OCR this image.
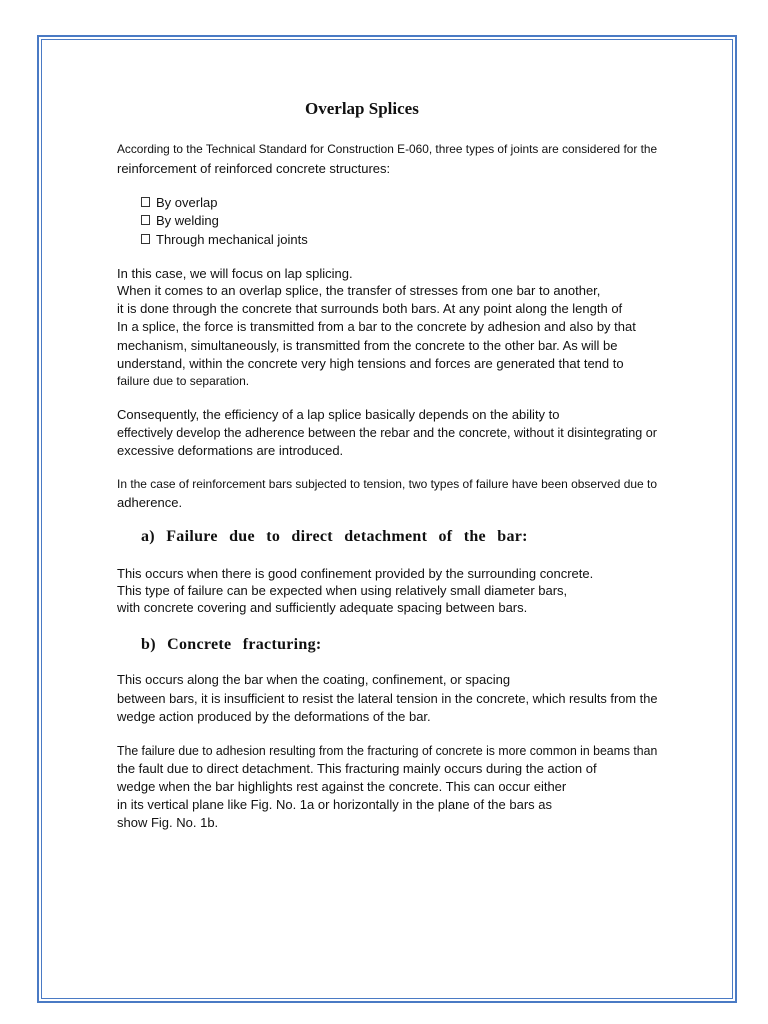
Overlap Splices

According to the Technical Standard for Construction E-060, three types of joints are considered for the

reinforcement of reinforced concrete structures:

By overlap

By welding

Through mechanical joints

In this case, we will focus on lap splicing.

When it comes to an overlap splice, the transfer of stresses from one bar to another,

it is done through the concrete that surrounds both bars. At any point along the length of

In a splice, the force is transmitted from a bar to the concrete by adhesion and also by that

mechanism, simultaneously, is transmitted from the concrete to the other bar. As will be

understand, within the concrete very high tensions and forces are generated that tend to

failure due to separation.

Consequently, the efficiency of a lap splice basically depends on the ability to

effectively develop the adherence between the rebar and the concrete, without it disintegrating or

excessive deformations are introduced.

In the case of reinforcement bars subjected to tension, two types of failure have been observed due to

adherence.

a) Failure due to direct detachment of the bar:

This occurs when there is good confinement provided by the surrounding concrete.

This type of failure can be expected when using relatively small diameter bars,

with concrete covering and sufficiently adequate spacing between bars.

b) Concrete fracturing:

This occurs along the bar when the coating, confinement, or spacing

between bars, it is insufficient to resist the lateral tension in the concrete, which results from the

wedge action produced by the deformations of the bar.

The failure due to adhesion resulting from the fracturing of concrete is more common in beams than

the fault due to direct detachment. This fracturing mainly occurs during the action of

wedge when the bar highlights rest against the concrete. This can occur either

in its vertical plane like Fig. No. 1a or horizontally in the plane of the bars as

show Fig. No. 1b.
